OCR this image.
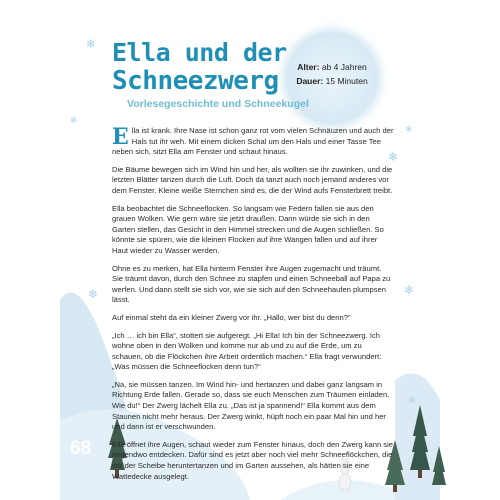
❄
❄
❄
❄
❄
❄
❄
Alter: ab 4 Jahren
Dauer: 15 Minuten
Ella und der
Schneezwerg
Vorlesegeschichte und Schneekugel

Ella ist krank. Ihre Nase ist schon ganz rot vom vielen Schnäuzen und auch der Hals tut ihr weh. Mit einem dicken Schal um den Hals und einer Tasse Tee neben sich, sitzt Ella am Fenster und schaut hinaus.

Die Bäume bewegen sich im Wind hin und her, als wollten sie ihr zuwinken, und die letzten Blätter tanzen durch die Luft. Doch da tanzt auch noch jemand anderes vor dem Fenster. Kleine weiße Sternchen sind es, die der Wind aufs Fensterbrett treibt.

Ella beobachtet die Schneeflocken. So langsam wie Federn fallen sie aus den grauen Wolken. Wie gern wäre sie jetzt draußen. Dann würde sie sich in den Garten stellen, das Gesicht in den Himmel strecken und die Augen schließen. So könnte sie spüren, wie die kleinen Flocken auf ihre Wangen fallen und auf ihrer Haut wieder zu Wasser werden.

Ohne es zu merken, hat Ella hinterm Fenster ihre Augen zugemacht und träumt. Sie träumt davon, durch den Schnee zu stapfen und einen Schneeball auf Papa zu werfen. Und dann stellt sie sich vor, wie sie sich auf den Schneehaufen plumpsen lässt.

Auf einmal steht da ein kleiner Zwerg vor ihr. „Hallo, wer bist du denn?“

„Ich … ich bin Ella“, stottert sie aufgeregt. „Hi Ella! Ich bin der Schneezwerg. Ich wohne oben in den Wolken und komme nur ab und zu auf die Erde, um zu schauen, ob die Flöckchen ihre Arbeit ordentlich machen.“ Ella fragt verwundert: „Was müssen die Schneeflocken denn tun?“

„Na, sie müssen tanzen. Im Wind hin- und hertanzen und dabei ganz langsam in Richtung Erde fallen. Gerade so, dass sie euch Menschen zum Träumen einladen. Wie du!“ Der Zwerg lächelt Ella zu. „Das ist ja spannend!“ Ella kommt aus dem Staunen nicht mehr heraus. Der Zwerg winkt, hüpft noch ein paar Mal hin und her und dann ist er verschwunden.

Ella öffnet ihre Augen, schaut wieder zum Fenster hinaus, doch den Zwerg kann sie nirgendwo entdecken. Dafür sind es jetzt aber noch viel mehr Schneeflöckchen, die vor der Scheibe heruntertanzen und im Garten aussehen, als hätten sie eine Wattedecke ausgelegt.

68
